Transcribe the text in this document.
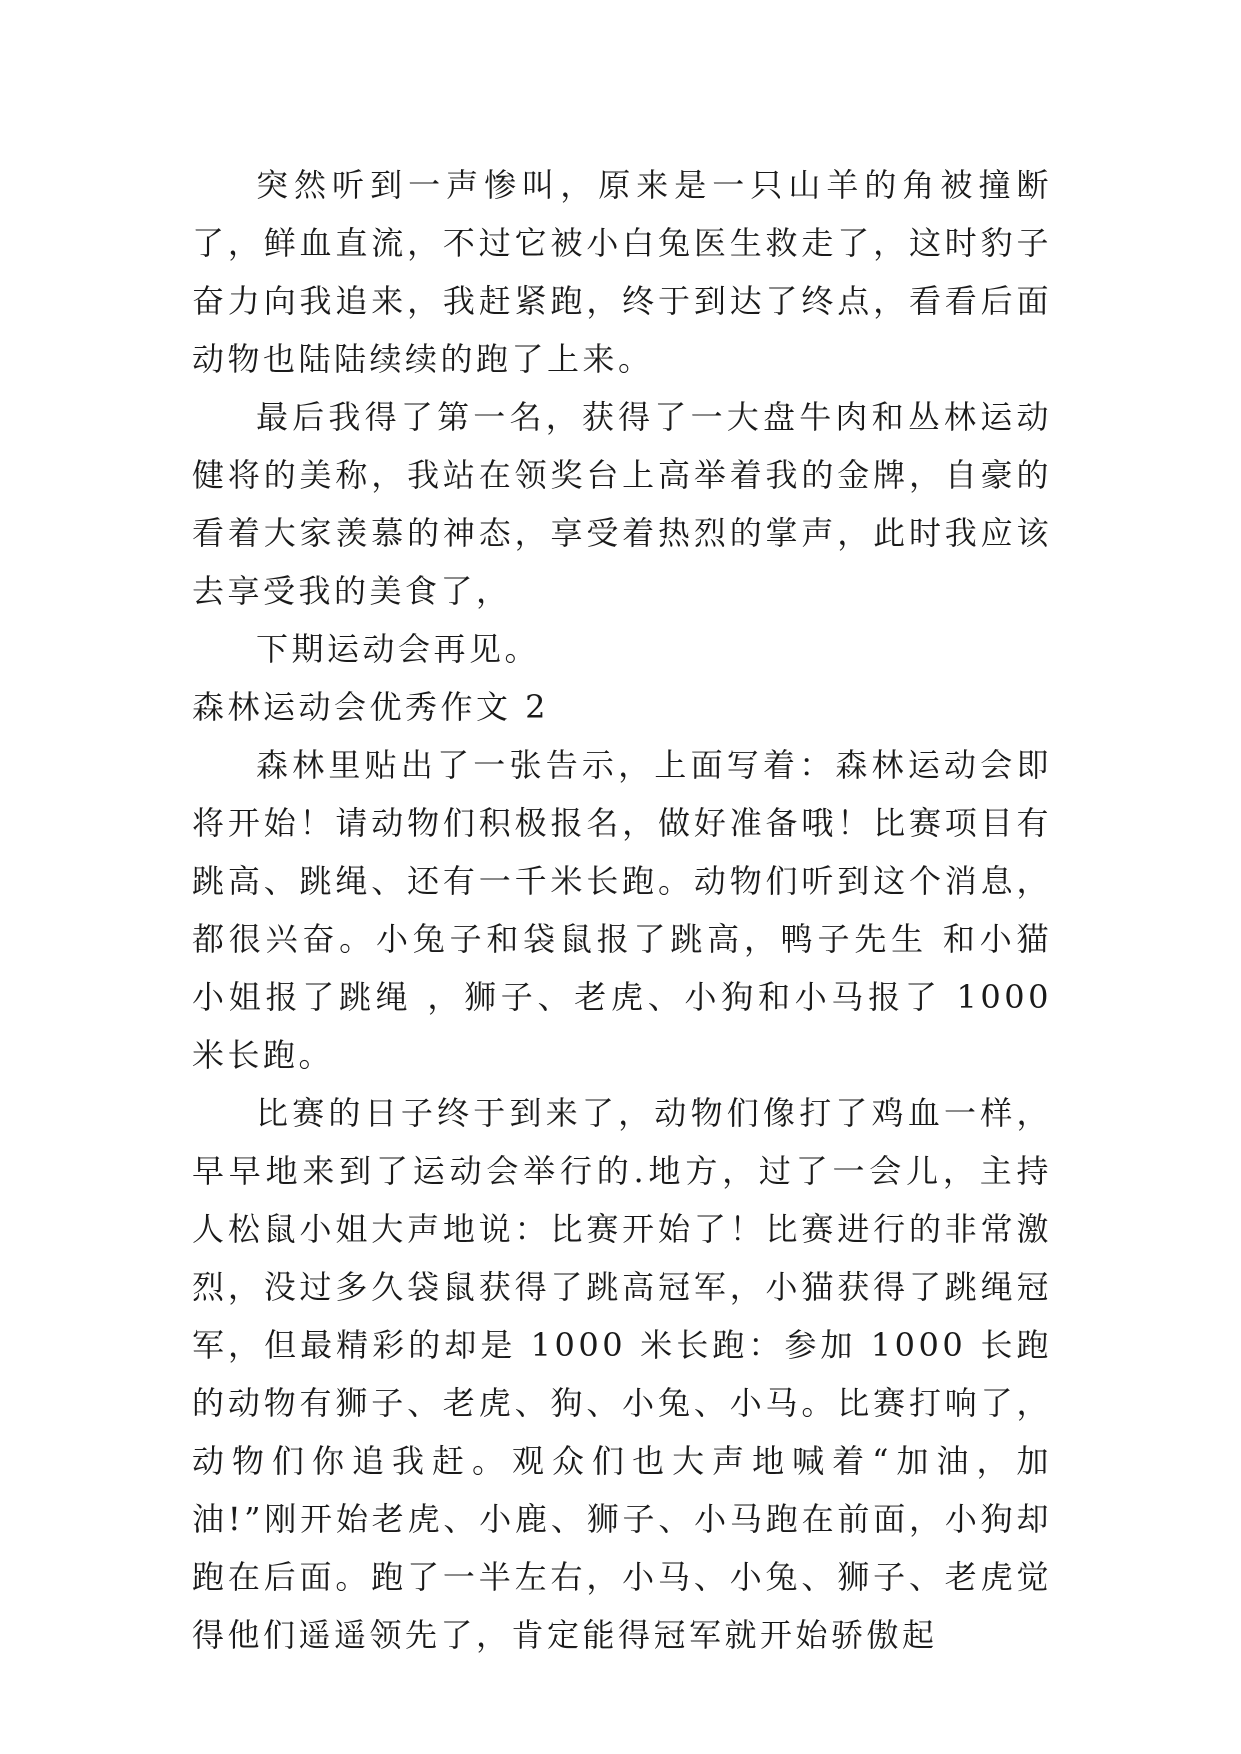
突然听到一声惨叫，原来是一只山羊的角被撞断了，鲜血直流，不过它被小白兔医生救走了，这时豹子奋力向我追来，我赶紧跑，终于到达了终点，看看后面动物也陆陆续续的跑了上来。

最后我得了第一名，获得了一大盘牛肉和丛林运动健将的美称，我站在领奖台上高举着我的金牌，自豪的看着大家羡慕的神态，享受着热烈的掌声，此时我应该去享受我的美食了，

下期运动会再见。

森林运动会优秀作文 2

森林里贴出了一张告示，上面写着：森林运动会即将开始！请动物们积极报名，做好准备哦！比赛项目有跳高、跳绳、还有一千米长跑。动物们听到这个消息，都很兴奋。小兔子和袋鼠报了跳高，鸭子先生 和小猫小姐报了跳绳 ，狮子、老虎、小狗和小马报了 1000 米长跑。

比赛的日子终于到来了，动物们像打了鸡血一样，早早地来到了运动会举行的.地方，过了一会儿，主持人松鼠小姐大声地说：比赛开始了！比赛进行的非常激烈，没过多久袋鼠获得了跳高冠军，小猫获得了跳绳冠军，但最精彩的却是 1000 米长跑：参加 1000 长跑的动物有狮子、老虎、狗、小兔、小马。比赛打响了，动物们你追我赶。观众们也大声地喊着“加油，加油!”刚开始老虎、小鹿、狮子、小马跑在前面，小狗却跑在后面。跑了一半左右，小马、小兔、狮子、老虎觉得他们遥遥领先了，肯定能得冠军就开始骄傲起
